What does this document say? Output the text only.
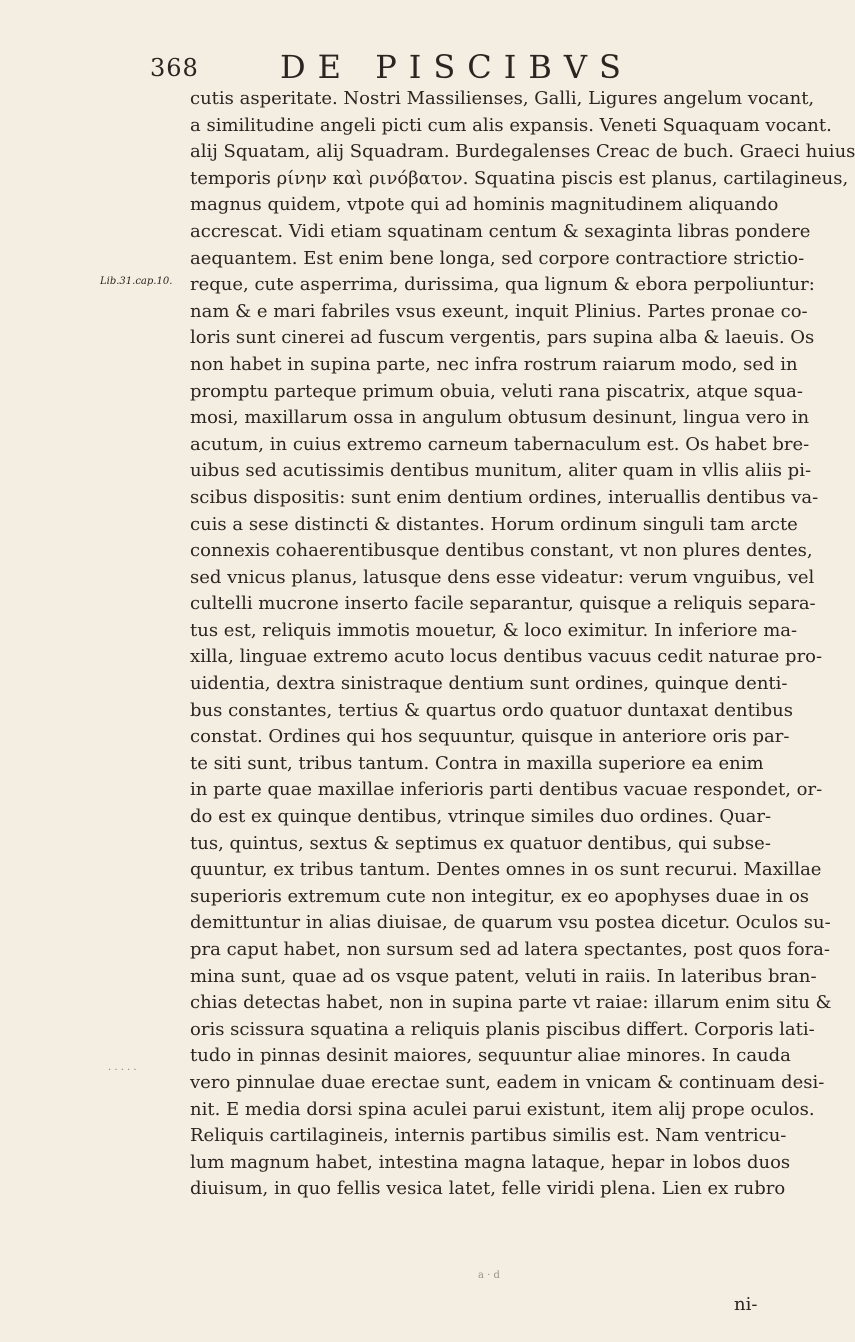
368	DE PISCIBVS
Lib.31.cap.10.
· · · · ·
cutis asperitate. Nostri Massilienses, Galli, Ligures angelum vocant,
a similitudine angeli picti cum alis expansis. Veneti Squaquam vocant.
alij Squatam, alij Squadram. Burdegalenses Creac de buch. Graeci huius
temporis ρίνην καὶ ρινόβατον. Squatina piscis est planus, cartilagineus,
magnus quidem, vtpote qui ad hominis magnitudinem aliquando
accrescat. Vidi etiam squatinam centum & sexaginta libras pondere
aequantem. Est enim bene longa, sed corpore contractiore strictio-
reque, cute asperrima, durissima, qua lignum & ebora perpoliuntur:
nam & e mari fabriles vsus exeunt, inquit Plinius. Partes pronae co-
loris sunt cinerei ad fuscum vergentis, pars supina alba & laeuis. Os
non habet in supina parte, nec infra rostrum raiarum modo, sed in
promptu parteque primum obuia, veluti rana piscatrix, atque squa-
mosi, maxillarum ossa in angulum obtusum desinunt, lingua vero in
acutum, in cuius extremo carneum tabernaculum est. Os habet bre-
uibus sed acutissimis dentibus munitum, aliter quam in vllis aliis pi-
scibus dispositis: sunt enim dentium ordines, interuallis dentibus va-
cuis a sese distincti & distantes. Horum ordinum singuli tam arcte
connexis cohaerentibusque dentibus constant, vt non plures dentes,
sed vnicus planus, latusque dens esse videatur: verum vnguibus, vel
cultelli mucrone inserto facile separantur, quisque a reliquis separa-
tus est, reliquis immotis mouetur, & loco eximitur. In inferiore ma-
xilla, linguae extremo acuto locus dentibus vacuus cedit naturae pro-
uidentia, dextra sinistraque dentium sunt ordines, quinque denti-
bus constantes, tertius & quartus ordo quatuor duntaxat dentibus
constat. Ordines qui hos sequuntur, quisque in anteriore oris par-
te siti sunt, tribus tantum. Contra in maxilla superiore ea enim
in parte quae maxillae inferioris parti dentibus vacuae respondet, or-
do est ex quinque dentibus, vtrinque similes duo ordines. Quar-
tus, quintus, sextus & septimus ex quatuor dentibus, qui subse-
quuntur, ex tribus tantum. Dentes omnes in os sunt recurui. Maxillae
superioris extremum cute non integitur, ex eo apophyses duae in os
demittuntur in alias diuisae, de quarum vsu postea dicetur. Oculos su-
pra caput habet, non sursum sed ad latera spectantes, post quos fora-
mina sunt, quae ad os vsque patent, veluti in raiis. In lateribus bran-
chias detectas habet, non in supina parte vt raiae: illarum enim situ &
oris scissura squatina a reliquis planis piscibus differt. Corporis lati-
tudo in pinnas desinit maiores, sequuntur aliae minores. In cauda
vero pinnulae duae erectae sunt, eadem in vnicam & continuam desi-
nit. E media dorsi spina aculei parui existunt, item alij prope oculos.
Reliquis cartilagineis, internis partibus similis est. Nam ventricu-
lum magnum habet, intestina magna lataque, hepar in lobos duos
diuisum, in quo fellis vesica latet, felle viridi plena. Lien ex rubro
a · d
ni-
